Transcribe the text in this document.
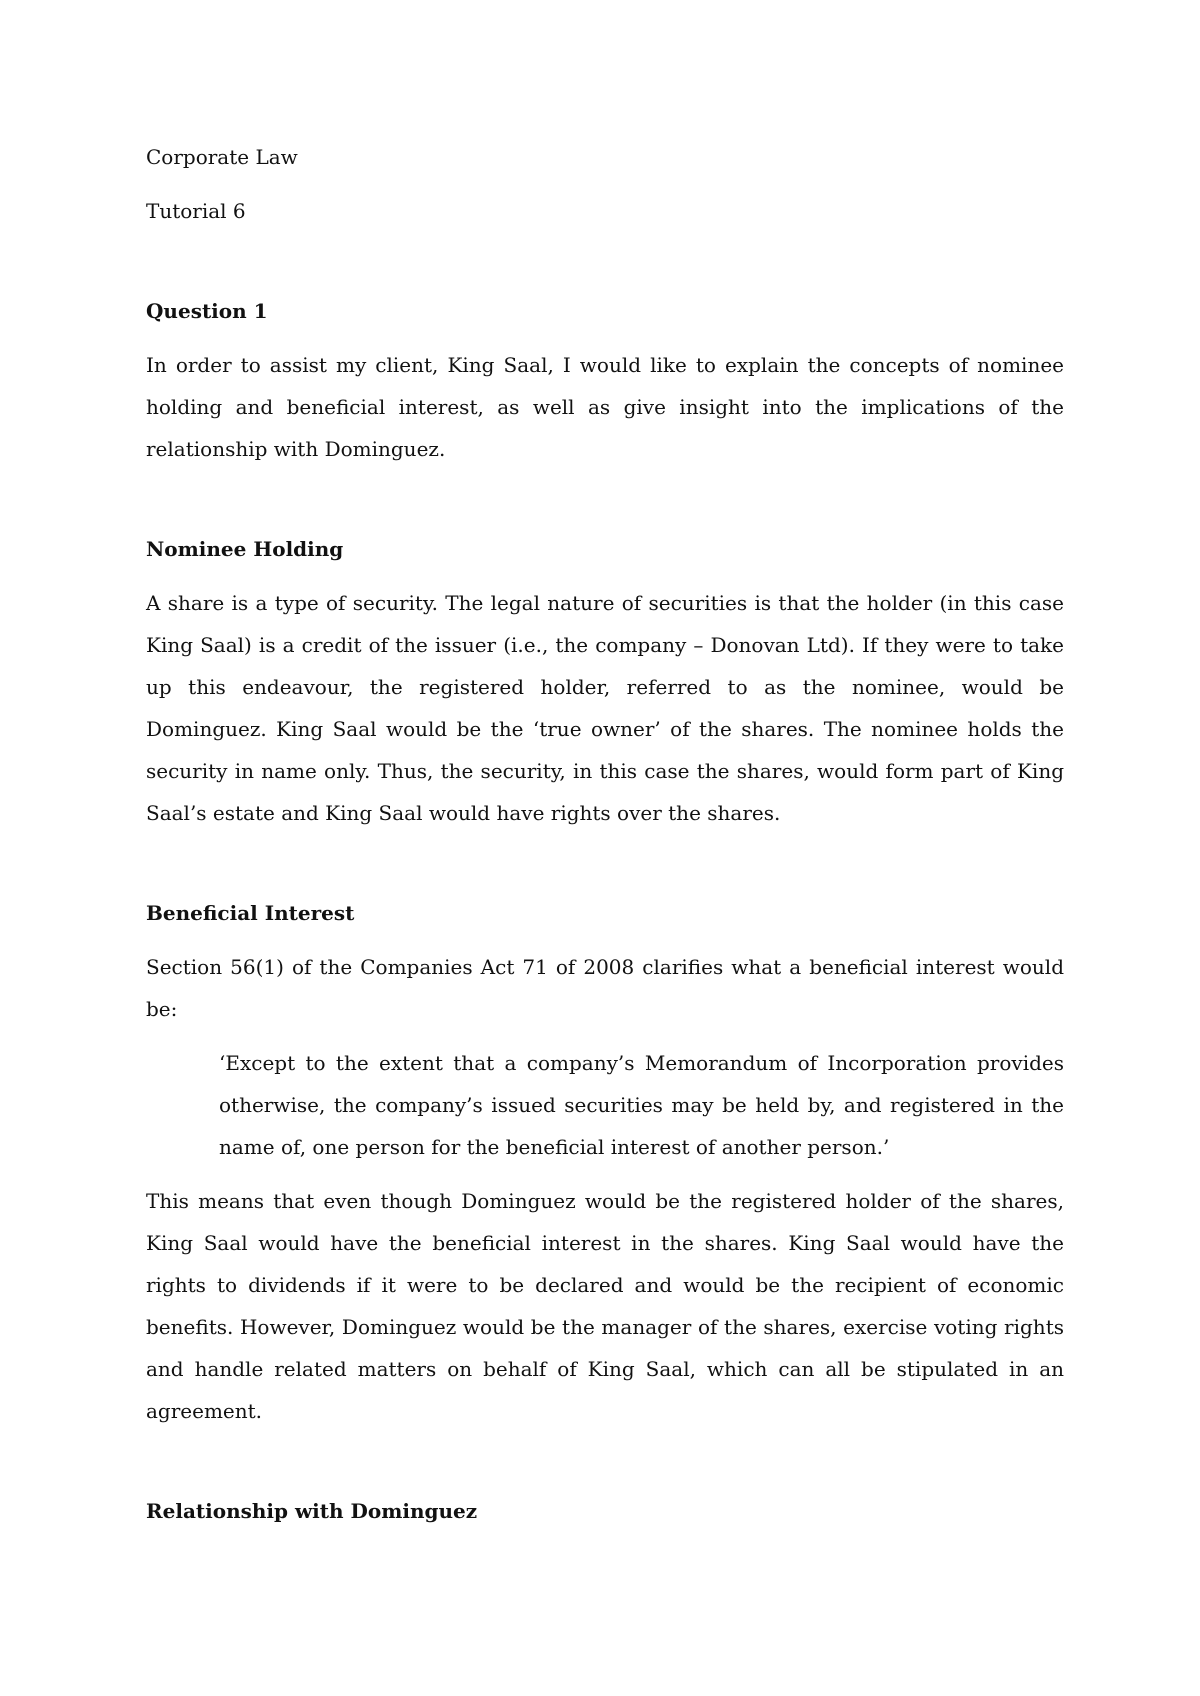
Corporate Law

Tutorial 6

Question 1

In order to assist my client, King Saal, I would like to explain the concepts of nominee holding and beneficial interest, as well as give insight into the implications of the relationship with Dominguez.

Nominee Holding

A share is a type of security. The legal nature of securities is that the holder (in this case King Saal) is a credit of the issuer (i.e., the company – Donovan Ltd). If they were to take up this endeavour, the registered holder, referred to as the nominee, would be Dominguez. King Saal would be the ‘true owner’ of the shares. The nominee holds the security in name only. Thus, the security, in this case the shares, would form part of King Saal’s estate and King Saal would have rights over the shares.

Beneficial Interest

Section 56(1) of the Companies Act 71 of 2008 clarifies what a beneficial interest would be:

‘Except to the extent that a company’s Memorandum of Incorporation provides otherwise, the company’s issued securities may be held by, and registered in the name of, one person for the beneficial interest of another person.’

This means that even though Dominguez would be the registered holder of the shares, King Saal would have the beneficial interest in the shares. King Saal would have the rights to dividends if it were to be declared and would be the recipient of economic benefits. However, Dominguez would be the manager of the shares, exercise voting rights and handle related matters on behalf of King Saal, which can all be stipulated in an agreement.

Relationship with Dominguez
